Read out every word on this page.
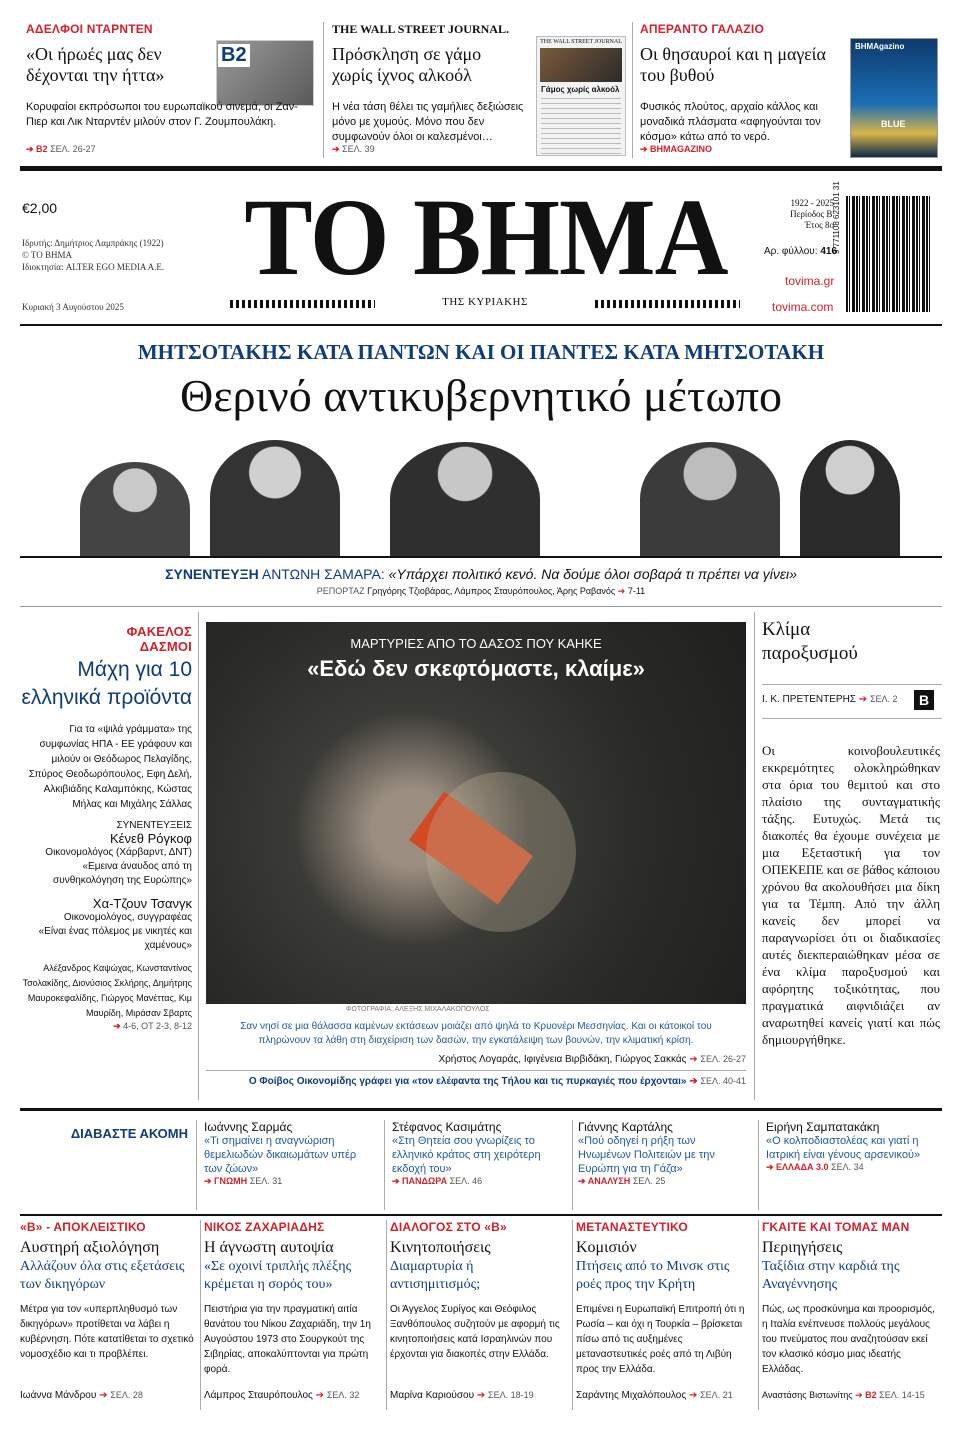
ΑΔΕΛΦΟΙ ΝΤΑΡΝΤΕΝ
«Οι ήρωές μας δεν δέχονται την ήττα»
Β2
Κορυφαίοι εκπρόσωποι του ευρωπαϊκού σινεμά, οι Ζαν-Πιερ και Λικ Νταρντέν μιλούν στον Γ. Ζουμπουλάκη.
➔ Β2 ΣΕΛ. 26-27
THE WALL STREET JOURNAL.
Πρόσκληση σε γάμο χωρίς ίχνος αλκοόλ
THE WALL STREET JOURNAL
Γάμος χωρίς αλκοόλ
Η νέα τάση θέλει τις γαμήλιες δεξιώσεις μόνο με χυμούς. Μόνο που δεν συμφωνούν όλοι οι καλεσμένοι…
➔ ΣΕΛ. 39
ΑΠΕΡΑΝΤΟ ΓΑΛΑΖΙΟ
Οι θησαυροί και η μαγεία του βυθού
Φυσικός πλούτος, αρχαίο κάλλος και μοναδικά πλάσματα «αφηγούνται τον κόσμο» κάτω από το νερό.
➔ ΒΗΜΑGAZINO
ΒΗΜΑgazino
BLUE
€2,00
Ιδρυτής: Δημήτριος Λαμπράκης (1922)
© ΤΟ ΒΗΜΑ
Ιδιοκτησία: ALTER EGO MEDIA A.E.
Κυριακή 3 Αυγούστου 2025
ΤΟ ΒΗΜΑ
ΤΗΣ ΚΥΡΙΑΚΗΣ
1922 - 2025
Περίοδος Β'
Έτος 8ο
Αρ. φύλλου: 416
tovima.gr
tovima.com
9 771108 623101 31
ΜΗΤΣΟΤΑΚΗΣ ΚΑΤΑ ΠΑΝΤΩΝ ΚΑΙ ΟΙ ΠΑΝΤΕΣ ΚΑΤΑ ΜΗΤΣΟΤΑΚΗ
Θερινό αντικυβερνητικό μέτωπο
ΣΥΝΕΝΤΕΥΞΗ ΑΝΤΩΝΗ ΣΑΜΑΡΑ: «Υπάρχει πολιτικό κενό. Να δούμε όλοι σοβαρά τι πρέπει να γίνει»
ΡΕΠΟΡΤΑΖ Γρηγόρης Τζιοβάρας, Λάμπρος Σταυρόπουλος, Άρης Ραβανός ➔ 7-11
ΦΑΚΕΛΟΣ
ΔΑΣΜΟΙ
Μάχη για 10 ελληνικά προϊόντα
Για τα «ψιλά γράμματα» της συμφωνίας ΗΠΑ - ΕΕ γράφουν και μιλούν οι Θεόδωρος Πελαγίδης, Σπύρος Θεοδωρόπουλος, Εφη Δελή, Αλκιβιάδης Καλαμπόκης, Κώστας Μήλας και Μιχάλης Σάλλας
ΣΥΝΕΝΤΕΥΞΕΙΣ
Κένεθ Ρόγκοφ
Οικονομολόγος (Χάρβαρντ, ΔΝΤ)
«Εμεινα άναυδος από τη συνθηκολόγηση της Ευρώπης»
Χα-Τζουν Τσανγκ
Οικονομολόγος, συγγραφέας
«Είναι ένας πόλεμος με νικητές και χαμένους»
Αλέξανδρος Καψώχας, Κωνσταντίνος Τσολακίδης, Διονύσιος Σκλήρης, Δημήτρης Μαυροκεφαλίδης, Γιώργος Μανέττας, Κιμ Μαυρίδη, Μιράσαν Σβαρτς
➔ 4-6, ΟΤ 2-3, 8-12
ΜΑΡΤΥΡΙΕΣ ΑΠΟ ΤΟ ΔΑΣΟΣ ΠΟΥ ΚΑΗΚΕ
«Εδώ δεν σκεφτόμαστε, κλαίμε»
ΦΩΤΟΓΡΑΦΙΑ: ΑΛΕΞΗΣ ΜΙΧΑΛΑΚΟΠΟΥΛΟΣ
Σαν νησί σε μια θάλασσα καμένων εκτάσεων μοιάζει από ψηλά το Κρυονέρι Μεσσηνίας. Και οι κάτοικοί του πληρώνουν τα λάθη στη διαχείριση των δασών, την εγκατάλειψη των βουνών, την κλιματική κρίση.
Χρήστος Λογαράς, Ιφιγένεια Βιρβιδάκη, Γιώργος Σακκάς ➔ ΣΕΛ. 26-27
Ο Φοίβος Οικονομίδης γράφει για «τον ελέφαντα της Τήλου και τις πυρκαγιές που έρχονται» ➔ ΣΕΛ. 40-41
Κλίμα παροξυσμού
Ι. Κ. ΠΡΕΤΕΝΤΕΡΗΣ ➔ ΣΕΛ. 2	B
Οι κοινοβουλευτικές εκκρεμότητες ολοκληρώθηκαν στα όρια του θεμιτού και στο πλαίσιο της συνταγματικής τάξης. Ευτυχώς. Μετά τις διακοπές θα έχουμε συνέχεια με μια Εξεταστική για τον ΟΠΕΚΕΠΕ και σε βάθος κάποιου χρόνου θα ακολουθήσει μια δίκη για τα Τέμπη. Από την άλλη κανείς δεν μπορεί να παραγνωρίσει ότι οι διαδικασίες αυτές διεκπεραιώθηκαν μέσα σε ένα κλίμα παροξυσμού και αφόρητης τοξικότητας, που πραγματικά αιφνιδιάζει αν αναρωτηθεί κανείς γιατί και πώς δημιουργήθηκε.
ΔΙΑΒΑΣΤΕ ΑΚΟΜΗ Ιωάννης Σαρμάς
«Τι σημαίνει η αναγνώριση θεμελιωδών δικαιωμάτων υπέρ των ζώων»
➔ ΓΝΩΜΗ ΣΕΛ. 31
Στέφανος Κασιμάτης
«Στη Θητεία σου γνωρίζεις το ελληνικό κράτος στη χειρότερη εκδοχή του»
➔ ΠΑΝΔΩΡΑ ΣΕΛ. 46
Γιάννης Καρτάλης
«Πού οδηγεί η ρήξη των Ηνωμένων Πολιτειών με την Ευρώπη για τη Γάζα»
➔ ΑΝΑΛΥΣΗ ΣΕΛ. 25
Ειρήνη Σαμπατακάκη
«Ο κολποδιαστολέας και γιατί η Ιατρική είναι γένους αρσενικού»
➔ ΕΛΛΑΔΑ 3.0 ΣΕΛ. 34
«Β» - ΑΠΟΚΛΕΙΣΤΙΚΟ
Αυστηρή αξιολόγηση
Αλλάζουν όλα στις εξετάσεις των δικηγόρων
Μέτρα για τον «υπερπληθυσμό των δικηγόρων» προτίθεται να λάβει η κυβέρνηση. Πότε κατατίθεται το σχετικό νομοσχέδιο και τι προβλέπει.
Ιωάννα Μάνδρου ➔ ΣΕΛ. 28
ΝΙΚΟΣ ΖΑΧΑΡΙΑΔΗΣ
Η άγνωστη αυτοψία
«Σε οχοινί τριπλής πλέξης κρέμεται η σορός του»
Πειστήρια για την πραγματική αιτία θανάτου του Νίκου Ζαχαριάδη, την 1η Αυγούστου 1973 στο Σουργκούτ της Σιβηρίας, αποκαλύπτονται για πρώτη φορά.
Λάμπρος Σταυρόπουλος ➔ ΣΕΛ. 32
ΔΙΑΛΟΓΟΣ ΣΤΟ «Β»
Κινητοποιήσεις
Διαμαρτυρία ή αντισημιτισμός;
Οι Άγγελος Συρίγος και Θεόφιλος Ξανθόπουλος συζητούν με αφορμή τις κινητοποιήσεις κατά Ισραηλινών που έρχονται για διακοπές στην Ελλάδα.
Μαρίνα Καριούσου ➔ ΣΕΛ. 18-19
ΜΕΤΑΝΑΣΤΕΥΤΙΚΟ
Κομισιόν
Πτήσεις από το Μινσκ στις ροές προς την Κρήτη
Επιμένει η Ευρωπαϊκή Επιτροπή ότι η Ρωσία – και όχι η Τουρκία – βρίσκεται πίσω από τις αυξημένες μεταναστευτικές ροές από τη Λιβύη προς την Ελλάδα.
Σαράντης Μιχαλόπουλος ➔ ΣΕΛ. 21
ΓΚΑΙΤΕ ΚΑΙ ΤΟΜΑΣ ΜΑΝ
Περιηγήσεις
Ταξίδια στην καρδιά της Αναγέννησης
Πώς, ως προσκύνημα και προορισμός, η Ιταλία ενέπνευσε πολλούς μεγάλους του πνεύματος που αναζητούσαν εκεί τον κλασικό κόσμο μιας ιδεατής Ελλάδας.
Αναστάσης Βιστωνίτης ➔ Β2 ΣΕΛ. 14-15
